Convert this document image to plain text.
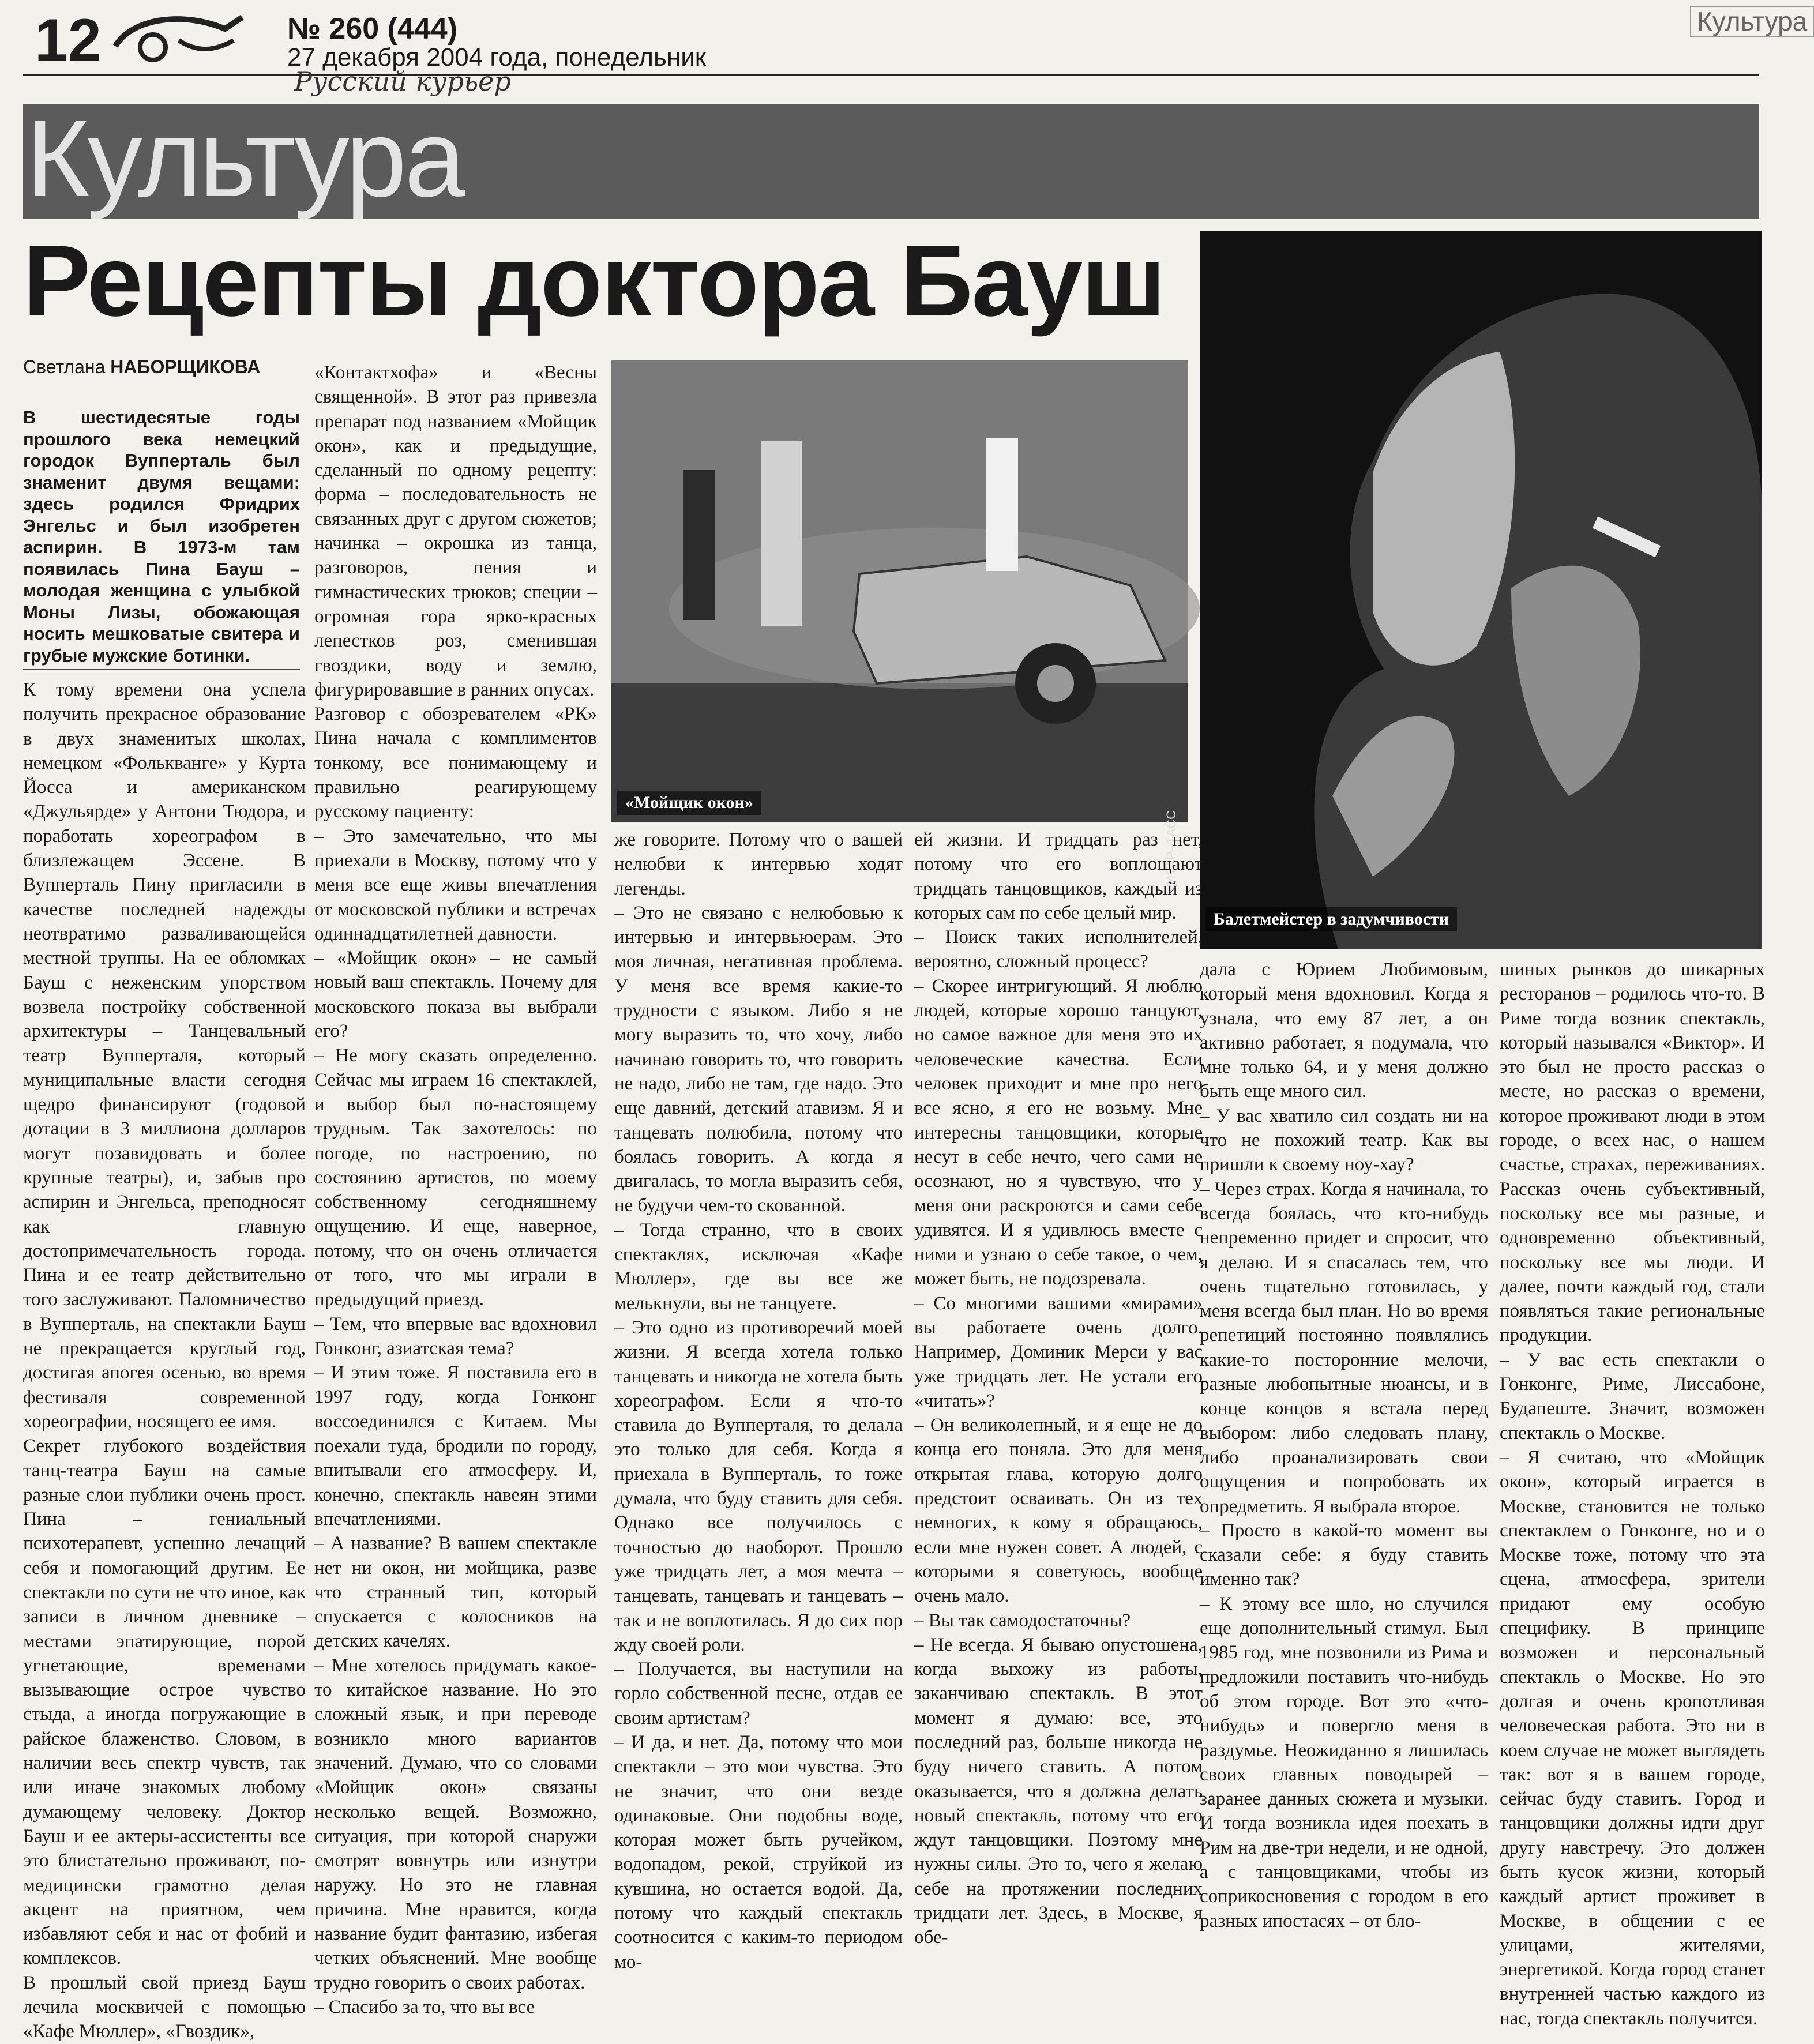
12	№ 260 (444)
27 декабря 2004 года, понедельник
Русский курьер
Культура
Культура
Рецепты доктора Бауш
Светлана НАБОРЩИКОВА
В шестидесятые годы прошлого века немецкий городок Вупперталь был знаменит двумя вещами: здесь родился Фридрих Энгельс и был изобретен аспирин. В 1973-м там появилась Пина Бауш – молодая женщина с улыбкой Моны Лизы, обожающая носить мешковатые свитера и грубые мужские ботинки.
К тому времени она успела получить прекрасное образование в двух знаменитых школах, немецком «Фолькванге» у Курта Йосса и американском «Джульярде» у Антони Тюдора, и поработать хореографом в близлежащем Эссене. В Вупперталь Пину пригласили в качестве последней надежды неотвратимо разваливающейся местной труппы. На ее обломках Бауш с неженским упорством возвела постройку собственной архитектуры – Танцевальный театр Вупперталя, который муниципальные власти сегодня щедро финансируют (годовой дотации в 3 миллиона долларов могут позавидовать и более крупные театры), и, забыв про аспирин и Энгельса, преподносят как главную достопримечательность города. Пина и ее театр действительно того заслуживают. Паломничество в Вупперталь, на спектакли Бауш не прекращается круглый год, достигая апогея осенью, во время фестиваля современной хореографии, носящего ее имя.
Секрет глубокого воздействия танц-театра Бауш на самые разные слои публики очень прост. Пина – гениальный психотерапевт, успешно лечащий себя и помогающий другим. Ее спектакли по сути не что иное, как записи в личном дневнике – местами эпатирующие, порой угнетающие, временами вызывающие острое чувство стыда, а иногда погружающие в райское блаженство. Словом, в наличии весь спектр чувств, так или иначе знакомых любому думающему человеку. Доктор Бауш и ее актеры-ассистенты все это блистательно проживают, по-медицински грамотно делая акцент на приятном, чем избавляют себя и нас от фобий и комплексов.
В прошлый свой приезд Бауш лечила москвичей с помощью «Кафе Мюллер», «Гвоздик»,
«Контактхофа» и «Весны священной». В этот раз привезла препарат под названием «Мойщик окон», как и предыдущие, сделанный по одному рецепту: форма – последовательность не связанных друг с другом сюжетов; начинка – окрошка из танца, разговоров, пения и гимнастических трюков; специи – огромная гора ярко-красных лепестков роз, сменившая гвоздики, воду и землю, фигурировавшие в ранних опусах.
Разговор с обозревателем «РК» Пина начала с комплиментов тонкому, все понимающему и правильно реагирующему русскому пациенту:
– Это замечательно, что мы приехали в Москву, потому что у меня все еще живы впечатления от московской публики и встречах одиннадцатилетней давности.
– «Мойщик окон» – не самый новый ваш спектакль. Почему для московского показа вы выбрали его?
– Не могу сказать определенно. Сейчас мы играем 16 спектаклей, и выбор был по-настоящему трудным. Так захотелось: по погоде, по настроению, по состоянию артистов, по моему собственному сегодняшнему ощущению. И еще, наверное, потому, что он очень отличается от того, что мы играли в предыдущий приезд.
– Тем, что впервые вас вдохновил Гонконг, азиатская тема?
– И этим тоже. Я поставила его в 1997 году, когда Гонконг воссоединился с Китаем. Мы поехали туда, бродили по городу, впитывали его атмосферу. И, конечно, спектакль навеян этими впечатлениями.
– А название? В вашем спектакле нет ни окон, ни мойщика, разве что странный тип, который спускается с колосников на детских качелях.
– Мне хотелось придумать какое-то китайское название. Но это сложный язык, и при переводе возникло много вариантов значений. Думаю, что со словами «Мойщик окон» связаны несколько вещей. Возможно, ситуация, при которой снаружи смотрят вовнутрь или изнутри наружу. Но это не главная причина. Мне нравится, когда название будит фантазию, избегая четких объяснений. Мне вообще трудно говорить о своих работах.
– Спасибо за то, что вы все
«Мойщик окон»
ИТАР–ТАСС
Балетмейстер в задумчивости
же говорите. Потому что о вашей нелюбви к интервью ходят легенды.
– Это не связано с нелюбовью к интервью и интервьюерам. Это моя личная, негативная проблема. У меня все время какие-то трудности с языком. Либо я не могу выразить то, что хочу, либо начинаю говорить то, что говорить не надо, либо не там, где надо. Это еще давний, детский атавизм. Я и танцевать полюбила, потому что боялась говорить. А когда я двигалась, то могла выразить себя, не будучи чем-то скованной.
– Тогда странно, что в своих спектаклях, исключая «Кафе Мюллер», где вы все же мелькнули, вы не танцуете.
– Это одно из противоречий моей жизни. Я всегда хотела только танцевать и никогда не хотела быть хореографом. Если я что-то ставила до Вупперталя, то делала это только для себя. Когда я приехала в Вупперталь, то тоже думала, что буду ставить для себя. Однако все получилось с точностью до наоборот. Прошло уже тридцать лет, а моя мечта – танцевать, танцевать и танцевать – так и не воплотилась. Я до сих пор жду своей роли.
– Получается, вы наступили на горло собственной песне, отдав ее своим артистам?
– И да, и нет. Да, потому что мои спектакли – это мои чувства. Это не значит, что они везде одинаковые. Они подобны воде, которая может быть ручейком, водопадом, рекой, струйкой из кувшина, но остается водой. Да, потому что каждый спектакль соотносится с каким-то периодом мо-
ей жизни. И тридцать раз нет, потому что его воплощают тридцать танцовщиков, каждый из которых сам по себе целый мир.
– Поиск таких исполнителей, вероятно, сложный процесс?
– Скорее интригующий. Я люблю людей, которые хорошо танцуют, но самое важное для меня это их человеческие качества. Если человек приходит и мне про него все ясно, я его не возьму. Мне интересны танцовщики, которые несут в себе нечто, чего сами не осознают, но я чувствую, что у меня они раскроются и сами себе удивятся. И я удивлюсь вместе с ними и узнаю о себе такое, о чем, может быть, не подозревала.
– Со многими вашими «мирами» вы работаете очень долго. Например, Доминик Мерси у вас уже тридцать лет. Не устали его «читать»?
– Он великолепный, и я еще не до конца его поняла. Это для меня открытая глава, которую долго предстоит осваивать. Он из тех немногих, к кому я обращаюсь, если мне нужен совет. А людей, с которыми я советуюсь, вообще очень мало.
– Вы так самодостаточны?
– Не всегда. Я бываю опустошена, когда выхожу из работы, заканчиваю спектакль. В этот момент я думаю: все, это последний раз, больше никогда не буду ничего ставить. А потом оказывается, что я должна делать новый спектакль, потому что его ждут танцовщики. Поэтому мне нужны силы. Это то, чего я желаю себе на протяжении последних тридцати лет. Здесь, в Москве, я обе-
дала с Юрием Любимовым, который меня вдохновил. Когда я узнала, что ему 87 лет, а он активно работает, я подумала, что мне только 64, и у меня должно быть еще много сил.
– У вас хватило сил создать ни на что не похожий театр. Как вы пришли к своему ноу-хау?
– Через страх. Когда я начинала, то всегда боялась, что кто-нибудь непременно придет и спросит, что я делаю. И я спасалась тем, что очень тщательно готовилась, у меня всегда был план. Но во время репетиций постоянно появлялись какие-то посторонние мелочи, разные любопытные нюансы, и в конце концов я встала перед выбором: либо следовать плану, либо проанализировать свои ощущения и попробовать их опредметить. Я выбрала второе.
– Просто в какой-то момент вы сказали себе: я буду ставить именно так?
– К этому все шло, но случился еще дополнительный стимул. Был 1985 год, мне позвонили из Рима и предложили поставить что-нибудь об этом городе. Вот это «что-нибудь» и повергло меня в раздумье. Неожиданно я лишилась своих главных поводырей – заранее данных сюжета и музыки. И тогда возникла идея поехать в Рим на две-три недели, и не одной, а с танцовщиками, чтобы из соприкосновения с городом в его разных ипостасях – от бло-
шиных рынков до шикарных ресторанов – родилось что-то. В Риме тогда возник спектакль, который назывался «Виктор». И это был не просто рассказ о месте, но рассказ о времени, которое проживают люди в этом городе, о всех нас, о нашем счастье, страхах, переживаниях. Рассказ очень субъективный, поскольку все мы разные, и одновременно объективный, поскольку все мы люди. И далее, почти каждый год, стали появляться такие региональные продукции.
– У вас есть спектакли о Гонконге, Риме, Лиссабоне, Будапеште. Значит, возможен спектакль о Москве.
– Я считаю, что «Мойщик окон», который играется в Москве, становится не только спектаклем о Гонконге, но и о Москве тоже, потому что эта сцена, атмосфера, зрители придают ему особую специфику. В принципе возможен и персональный спектакль о Москве. Но это долгая и очень кропотливая человеческая работа. Это ни в коем случае не может выглядеть так: вот я в вашем городе, сейчас буду ставить. Город и танцовщики должны идти друг другу навстречу. Это должен быть кусок жизни, который каждый артист проживет в Москве, в общении с ее улицами, жителями, энергетикой. Когда город станет внутренней частью каждого из нас, тогда спектакль получится.
